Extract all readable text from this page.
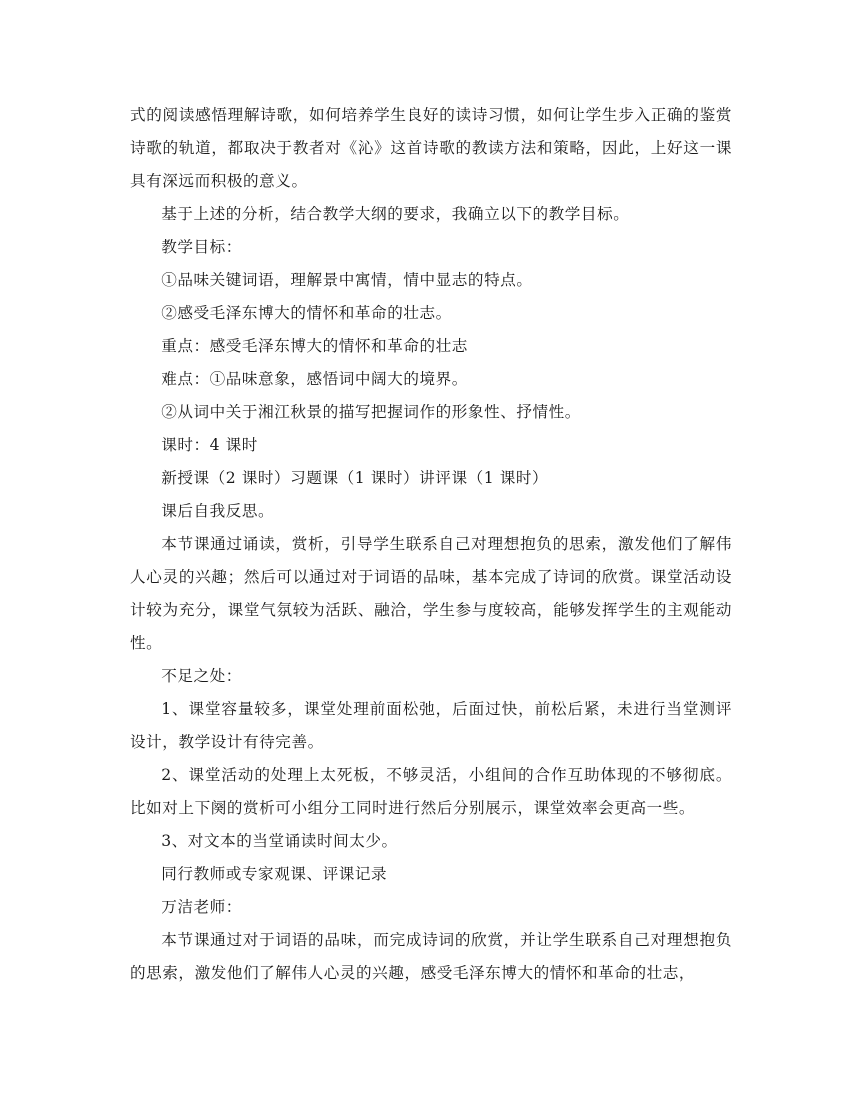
式的阅读感悟理解诗歌，如何培养学生良好的读诗习惯，如何让学生步入正确的鉴赏诗歌的轨道，都取决于教者对《沁》这首诗歌的教读方法和策略，因此，上好这一课具有深远而积极的意义。

基于上述的分析，结合教学大纲的要求，我确立以下的教学目标。

教学目标：

①品味关键词语，理解景中寓情，情中显志的特点。

②感受毛泽东博大的情怀和革命的壮志。

重点：感受毛泽东博大的情怀和革命的壮志

难点：①品味意象，感悟词中阔大的境界。

②从词中关于湘江秋景的描写把握词作的形象性、抒情性。

课时：4 课时

新授课（2 课时）习题课（1 课时）讲评课（1 课时）

课后自我反思。

本节课通过诵读，赏析，引导学生联系自己对理想抱负的思索，激发他们了解伟人心灵的兴趣；然后可以通过对于词语的品味，基本完成了诗词的欣赏。课堂活动设计较为充分，课堂气氛较为活跃、融洽，学生参与度较高，能够发挥学生的主观能动性。

不足之处：

1、课堂容量较多，课堂处理前面松弛，后面过快，前松后紧，未进行当堂测评设计，教学设计有待完善。

2、课堂活动的处理上太死板，不够灵活，小组间的合作互助体现的不够彻底。比如对上下阕的赏析可小组分工同时进行然后分别展示，课堂效率会更高一些。

3、对文本的当堂诵读时间太少。

同行教师或专家观课、评课记录

万洁老师：

本节课通过对于词语的品味，而完成诗词的欣赏，并让学生联系自己对理想抱负的思索，激发他们了解伟人心灵的兴趣，感受毛泽东博大的情怀和革命的壮志，
